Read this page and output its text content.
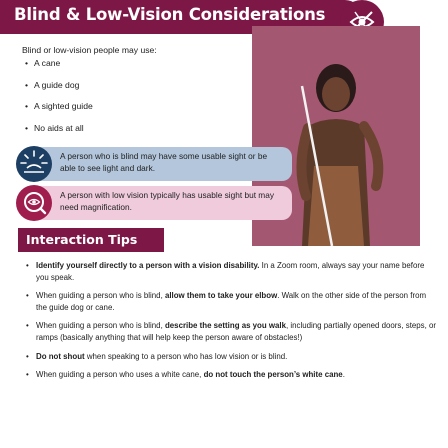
Blind & Low-Vision Considerations
Blind or low-vision people may use:
• A cane
• A guide dog
• A sighted guide
• No aids at all
A person who is blind may have some usable sight or be able to see light and dark.
A person with low vision typically has usable sight but may need magnification.
Interaction Tips
• Identify yourself directly to a person with a vision disability. In a Zoom room, always say your name before you speak.
• When guiding a person who is blind, allow them to take your elbow. Walk on the other side of the person from the guide dog or cane.
• When guiding a person who is blind, describe the setting as you walk, including partially opened doors, steps, or ramps (basically anything that will help keep the person aware of obstacles!)
• Do not shout when speaking to a person who has low vision or is blind.
• When guiding a person who uses a white cane, do not touch the person’s white cane.
